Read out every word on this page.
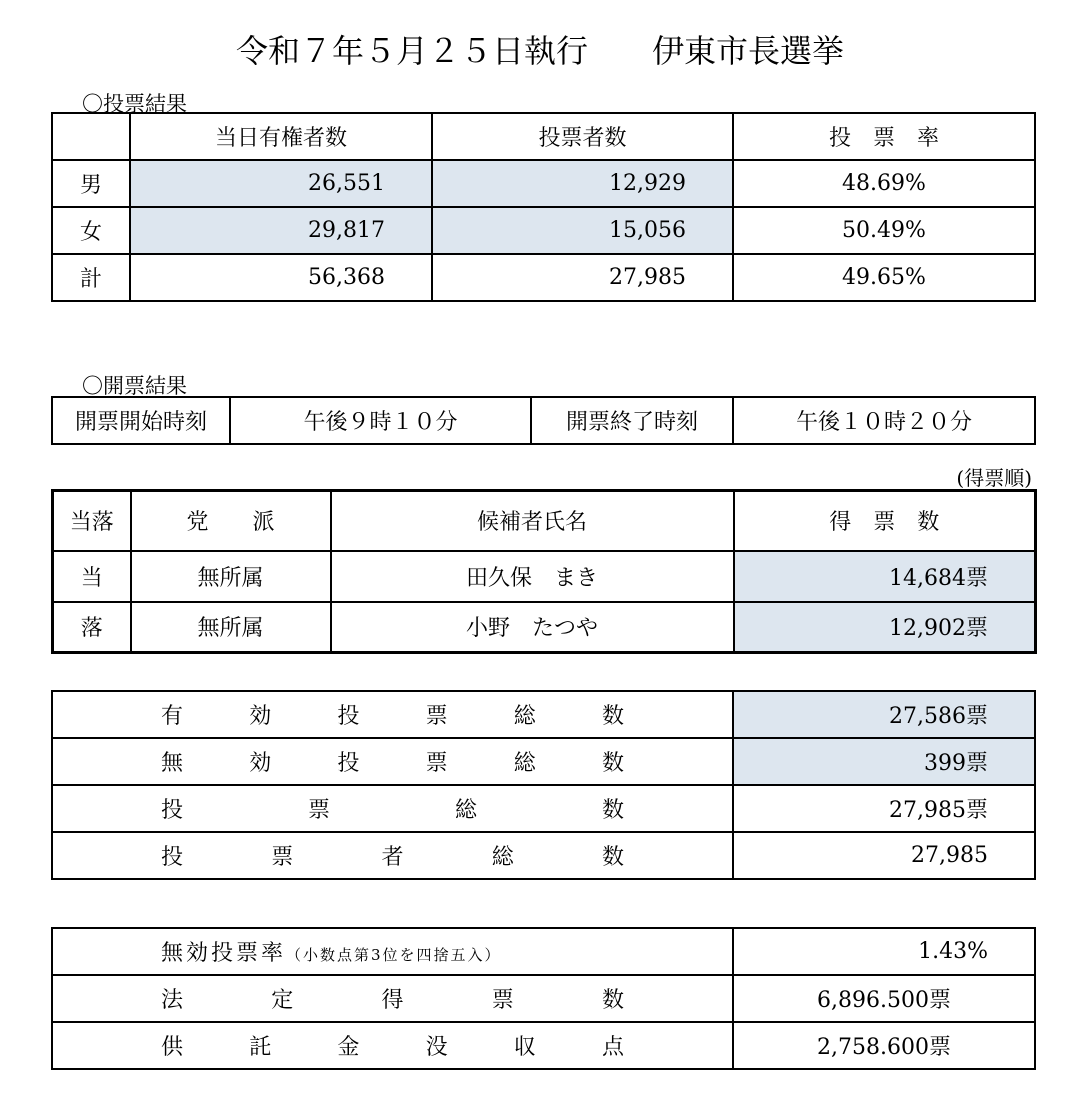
令和７年５月２５日執行　　伊東市長選挙
〇投票結果
	当日有権者数	投票者数	投　票　率
男	26,551	12,929	48.69%
女	29,817	15,056	50.49%
計	56,368	27,985	49.65%
〇開票結果
開票開始時刻	午後９時１０分	開票終了時刻	午後１０時２０分
(得票順)
当落	党　　派	候補者氏名	得　票　数
当	無所属	田久保　まき	14,684票
落	無所属	小野　たつや	12,902票
有効投票総数	27,586票
無効投票総数	399票
投票総数	27,985票
投票者総数	27,985
無効投票率（小数点第3位を四捨五入）	1.43%
法定得票数	6,896.500票
供託金没収点	2,758.600票
